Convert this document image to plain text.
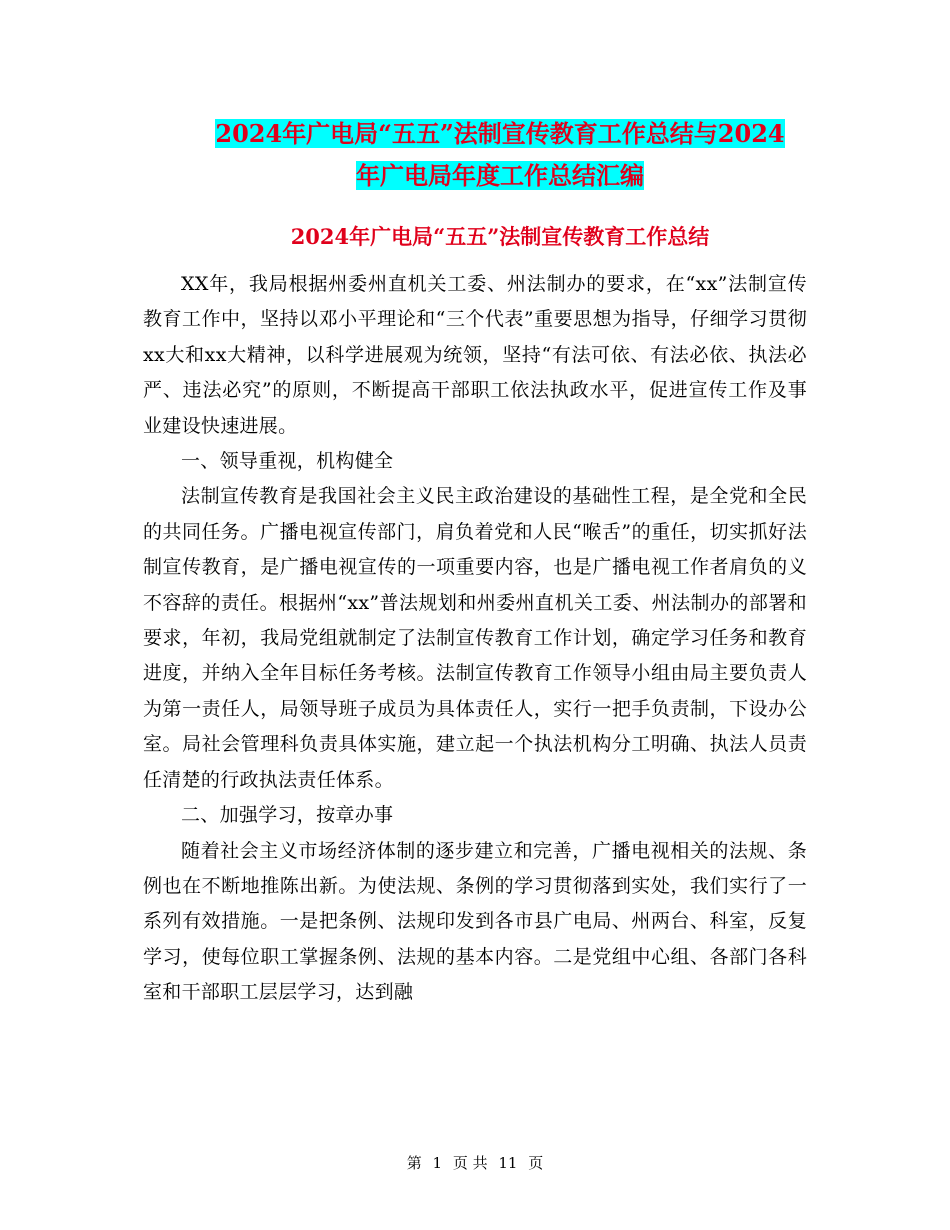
2024年广电局“五五”法制宣传教育工作总结与2024
年广电局年度工作总结汇编
2024年广电局“五五”法制宣传教育工作总结

XX年，我局根据州委州直机关工委、州法制办的要求，在“xx”法制宣传教育工作中，坚持以邓小平理论和“三个代表”重要思想为指导，仔细学习贯彻xx大和xx大精神，以科学进展观为统领，坚持“有法可依、有法必依、执法必严、违法必究”的原则，不断提高干部职工依法执政水平，促进宣传工作及事业建设快速进展。

一、领导重视，机构健全

法制宣传教育是我国社会主义民主政治建设的基础性工程，是全党和全民的共同任务。广播电视宣传部门，肩负着党和人民“喉舌”的重任，切实抓好法制宣传教育，是广播电视宣传的一项重要内容，也是广播电视工作者肩负的义不容辞的责任。根据州“xx”普法规划和州委州直机关工委、州法制办的部署和要求，年初，我局党组就制定了法制宣传教育工作计划，确定学习任务和教育进度，并纳入全年目标任务考核。法制宣传教育工作领导小组由局主要负责人为第一责任人，局领导班子成员为具体责任人，实行一把手负责制，下设办公室。局社会管理科负责具体实施，建立起一个执法机构分工明确、执法人员责任清楚的行政执法责任体系。

二、加强学习，按章办事

随着社会主义市场经济体制的逐步建立和完善，广播电视相关的法规、条例也在不断地推陈出新。为使法规、条例的学习贯彻落到实处，我们实行了一系列有效措施。一是把条例、法规印发到各市县广电局、州两台、科室，反复学习，使每位职工掌握条例、法规的基本内容。二是党组中心组、各部门各科室和干部职工层层学习，达到融

第 1 页 共 11 页
